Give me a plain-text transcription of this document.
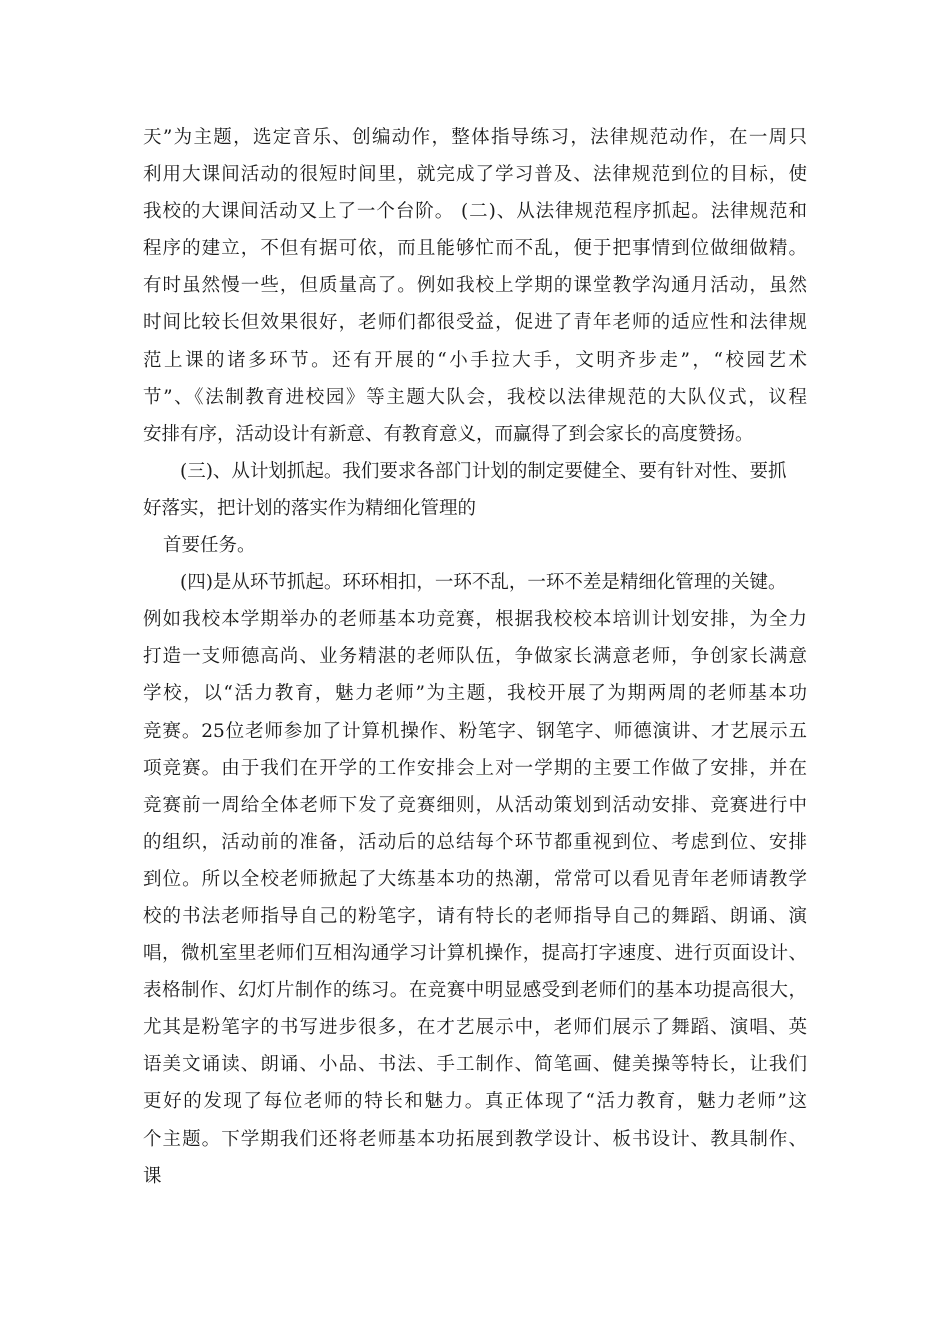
天”为主题，选定音乐、创编动作，整体指导练习，法律规范动作，在一周只
利用大课间活动的很短时间里，就完成了学习普及、法律规范到位的目标，使
我校的大课间活动又上了一个台阶。 (二)、从法律规范程序抓起。法律规范和
程序的建立，不但有据可依，而且能够忙而不乱，便于把事情到位做细做精。
有时虽然慢一些，但质量高了。例如我校上学期的课堂教学沟通月活动，虽然
时间比较长但效果很好，老师们都很受益，促进了青年老师的适应性和法律规
范上课的诸多环节。还有开展的“小手拉大手，文明齐步走”，“校园艺术
节”、《法制教育进校园》等主题大队会，我校以法律规范的大队仪式，议程
安排有序，活动设计有新意、有教育意义，而赢得了到会家长的高度赞扬。
(三)、从计划抓起。我们要求各部门计划的制定要健全、要有针对性、要抓
好落实，把计划的落实作为精细化管理的
首要任务。
(四)是从环节抓起。环环相扣，一环不乱，一环不差是精细化管理的关键。
例如我校本学期举办的老师基本功竞赛，根据我校校本培训计划安排，为全力
打造一支师德高尚、业务精湛的老师队伍，争做家长满意老师，争创家长满意
学校，以“活力教育，魅力老师”为主题，我校开展了为期两周的老师基本功
竞赛。25位老师参加了计算机操作、粉笔字、钢笔字、师德演讲、才艺展示五
项竞赛。由于我们在开学的工作安排会上对一学期的主要工作做了安排，并在
竞赛前一周给全体老师下发了竞赛细则，从活动策划到活动安排、竞赛进行中
的组织，活动前的准备，活动后的总结每个环节都重视到位、考虑到位、安排
到位。所以全校老师掀起了大练基本功的热潮，常常可以看见青年老师请教学
校的书法老师指导自己的粉笔字，请有特长的老师指导自己的舞蹈、朗诵、演
唱，微机室里老师们互相沟通学习计算机操作，提高打字速度、进行页面设计、
表格制作、幻灯片制作的练习。在竞赛中明显感受到老师们的基本功提高很大，
尤其是粉笔字的书写进步很多，在才艺展示中，老师们展示了舞蹈、演唱、英
语美文诵读、朗诵、小品、书法、手工制作、简笔画、健美操等特长，让我们
更好的发现了每位老师的特长和魅力。真正体现了“活力教育，魅力老师”这
个主题。下学期我们还将老师基本功拓展到教学设计、板书设计、教具制作、
课
